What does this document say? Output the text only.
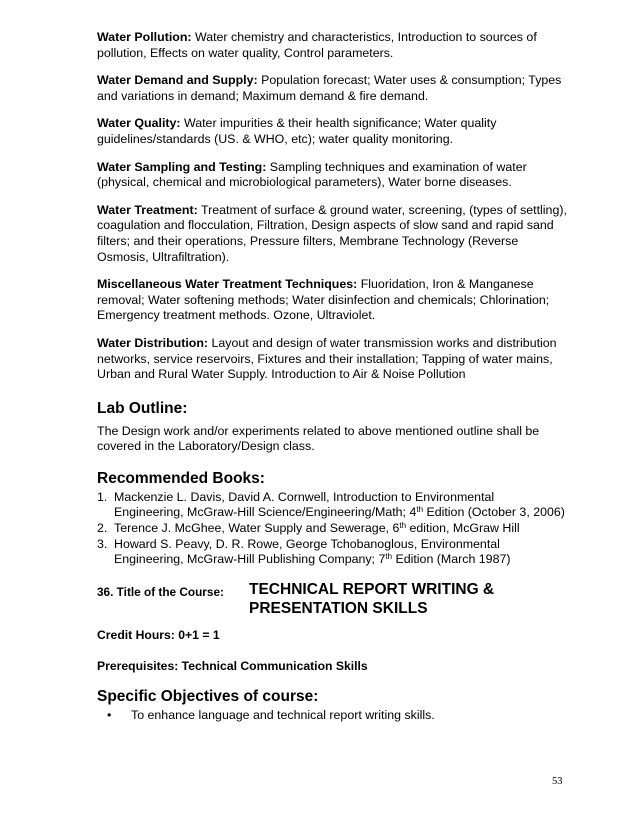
Water Pollution: Water chemistry and characteristics, Introduction to sources of pollution, Effects on water quality, Control parameters.

Water Demand and Supply: Population forecast; Water uses & consumption; Types and variations in demand; Maximum demand & fire demand.

Water Quality: Water impurities & their health significance; Water quality guidelines/standards (US. & WHO, etc); water quality monitoring.

Water Sampling and Testing: Sampling techniques and examination of water (physical, chemical and microbiological parameters), Water borne diseases.

Water Treatment: Treatment of surface & ground water, screening, (types of settling), coagulation and flocculation, Filtration, Design aspects of slow sand and rapid sand filters; and their operations, Pressure filters, Membrane Technology (Reverse Osmosis, Ultrafiltration).

Miscellaneous Water Treatment Techniques: Fluoridation, Iron & Manganese removal; Water softening methods; Water disinfection and chemicals; Chlorination; Emergency treatment methods. Ozone, Ultraviolet.

Water Distribution: Layout and design of water transmission works and distribution networks, service reservoirs, Fixtures and their installation; Tapping of water mains, Urban and Rural Water Supply. Introduction to Air & Noise Pollution

Lab Outline:

The Design work and/or experiments related to above mentioned outline shall be covered in the Laboratory/Design class.

Recommended Books:
1. Mackenzie L. Davis, David A. Cornwell, Introduction to Environmental Engineering, McGraw-Hill Science/Engineering/Math; 4th Edition (October 3, 2006)
2. Terence J. McGhee, Water Supply and Sewerage, 6th edition, McGraw Hill
3. Howard S. Peavy, D. R. Rowe, George Tchobanoglous, Environmental Engineering, McGraw-Hill Publishing Company; 7th Edition (March 1987)
36. Title of the Course:	TECHNICAL REPORT WRITING & PRESENTATION SKILLS
Credit Hours: 0+1 = 1
Prerequisites: Technical Communication Skills
Specific Objectives of course:
• To enhance language and technical report writing skills.
53
